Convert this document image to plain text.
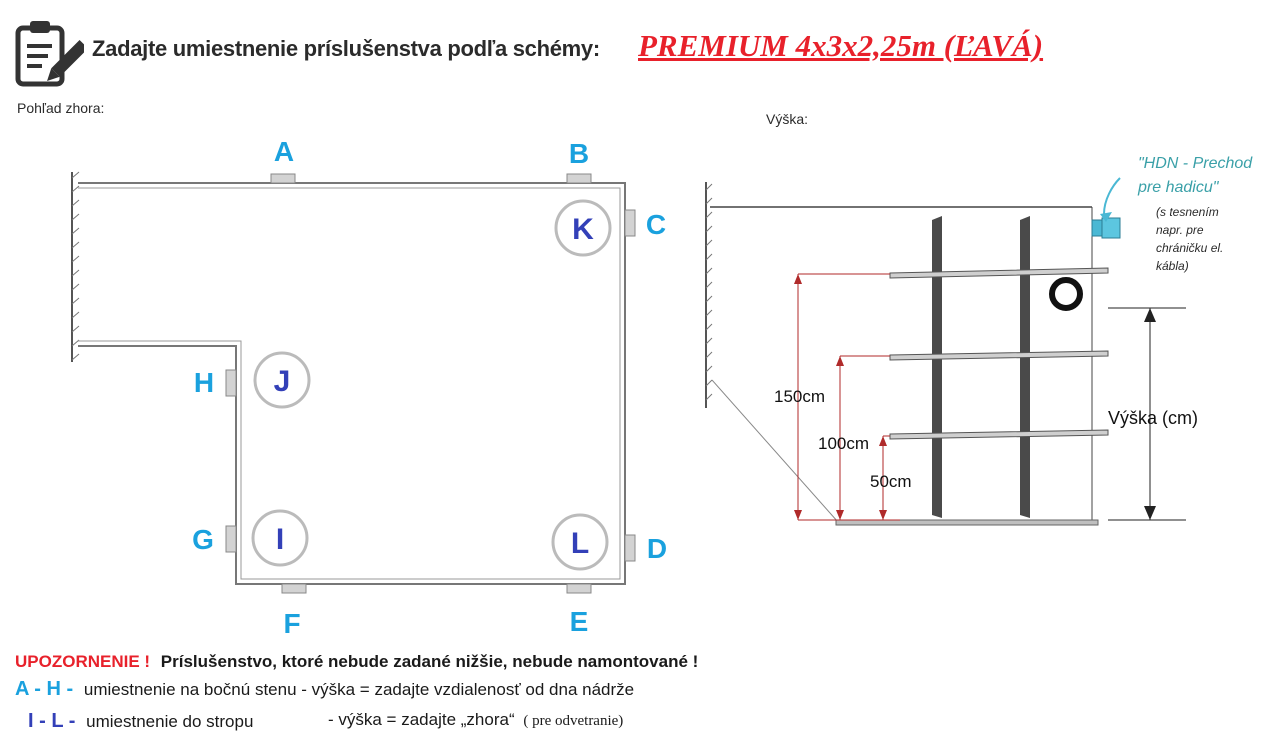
Zadajte umiestnenie príslušenstva podľa schémy: PREMIUM 4x3x2,25m (ĽAVÁ)
Pohľad zhora:
Výška:
A	B
C
D
E
F
G
H
K
J
I	L
150cm
100cm
50cm
Výška (cm)
"HDN - Prechod
pre hadicu"
(s tesnením
napr. pre
chráničku el.
kábla)
UPOZORNENIE ! Príslušenstvo, ktoré nebude zadané nižšie, nebude namontované !
A - H - umiestnenie na bočnú stenu - výška = zadajte vzdialenosť od dna nádrže
I - L - umiestnenie do stropu	- výška = zadajte „zhora“ ( pre odvetranie)
